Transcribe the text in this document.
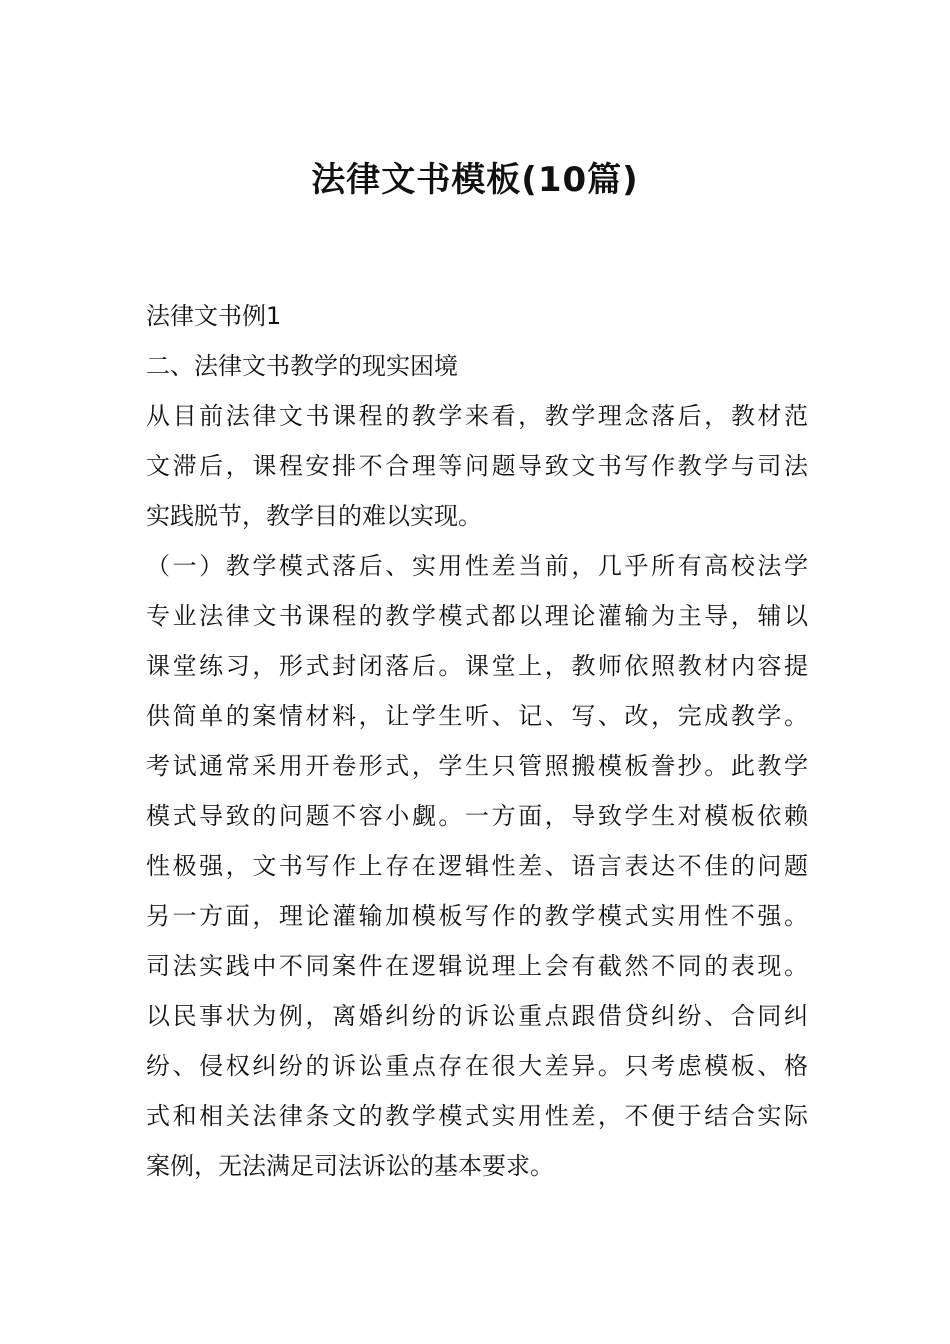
法律文书模板(10篇)
法律文书例1
二、法律文书教学的现实困境
从目前法律文书课程的教学来看，教学理念落后，教材范
文滞后，课程安排不合理等问题导致文书写作教学与司法
实践脱节，教学目的难以实现。
（一）教学模式落后、实用性差当前，几乎所有高校法学
专业法律文书课程的教学模式都以理论灌输为主导，辅以
课堂练习，形式封闭落后。课堂上，教师依照教材内容提
供简单的案情材料，让学生听、记、写、改，完成教学。
考试通常采用开卷形式，学生只管照搬模板誊抄。此教学
模式导致的问题不容小觑。一方面，导致学生对模板依赖
性极强，文书写作上存在逻辑性差、语言表达不佳的问题
另一方面，理论灌输加模板写作的教学模式实用性不强。
司法实践中不同案件在逻辑说理上会有截然不同的表现。
以民事状为例，离婚纠纷的诉讼重点跟借贷纠纷、合同纠
纷、侵权纠纷的诉讼重点存在很大差异。只考虑模板、格
式和相关法律条文的教学模式实用性差，不便于结合实际
案例，无法满足司法诉讼的基本要求。
